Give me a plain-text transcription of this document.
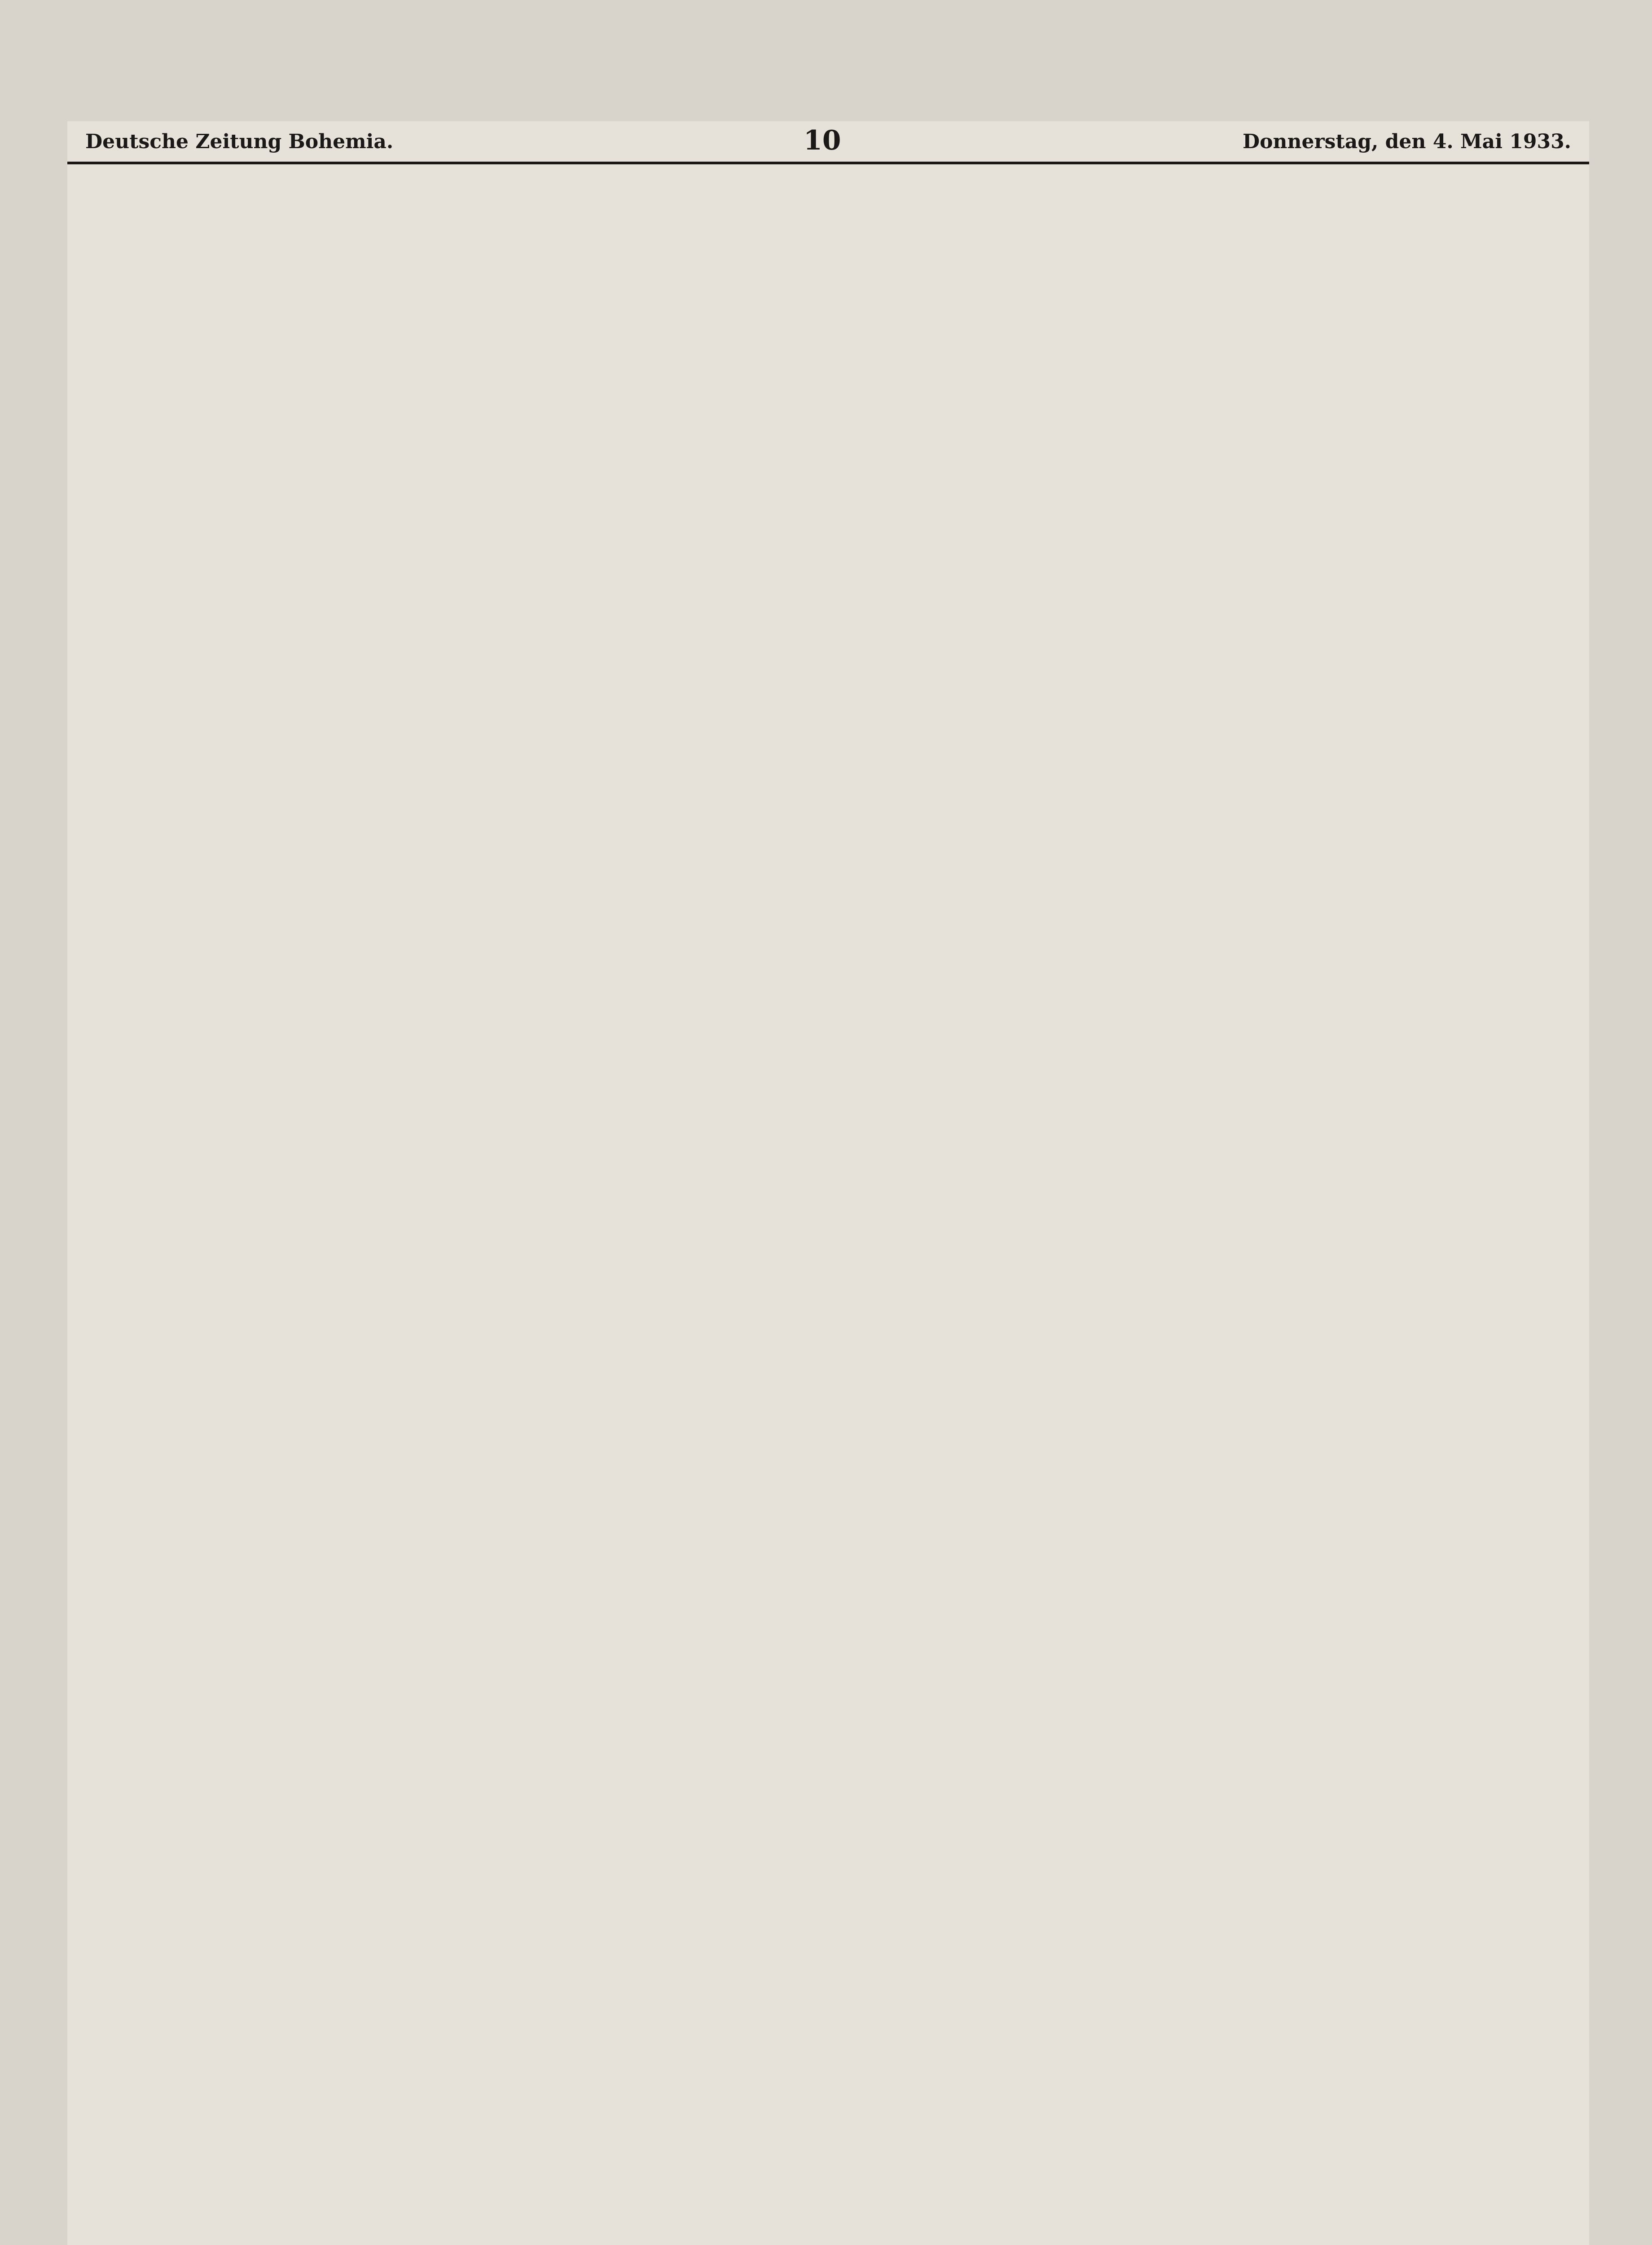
Deutsche Zeitung Bohemia.	10	Donnerstag, den 4. Mai 1933.
